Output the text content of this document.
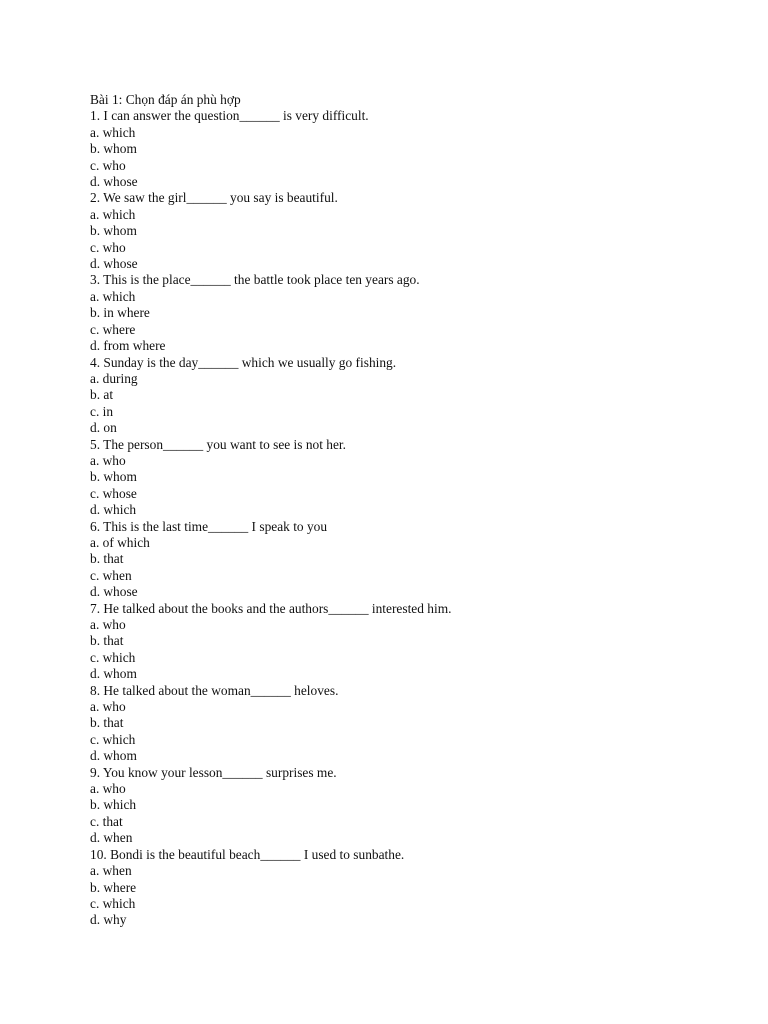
Bài 1: Chọn đáp án phù hợp
1. I can answer the question______ is very difficult.
a. which
b. whom
c. who
d. whose
2. We saw the girl______ you say is beautiful.
a. which
b. whom
c. who
d. whose
3. This is the place______ the battle took place ten years ago.
a. which
b. in where
c. where
d. from where
4. Sunday is the day______ which we usually go fishing.
a. during
b. at
c. in
d. on
5. The person______ you want to see is not her.
a. who
b. whom
c. whose
d. which
6. This is the last time______ I speak to you
a. of which
b. that
c. when
d. whose
7. He talked about the books and the authors______ interested him.
a. who
b. that
c. which
d. whom
8. He talked about the woman______ heloves.
a. who
b. that
c. which
d. whom
9. You know your lesson______ surprises me.
a. who
b. which
c. that
d. when
10. Bondi is the beautiful beach______ I used to sunbathe.
a. when
b. where
c. which
d. why
